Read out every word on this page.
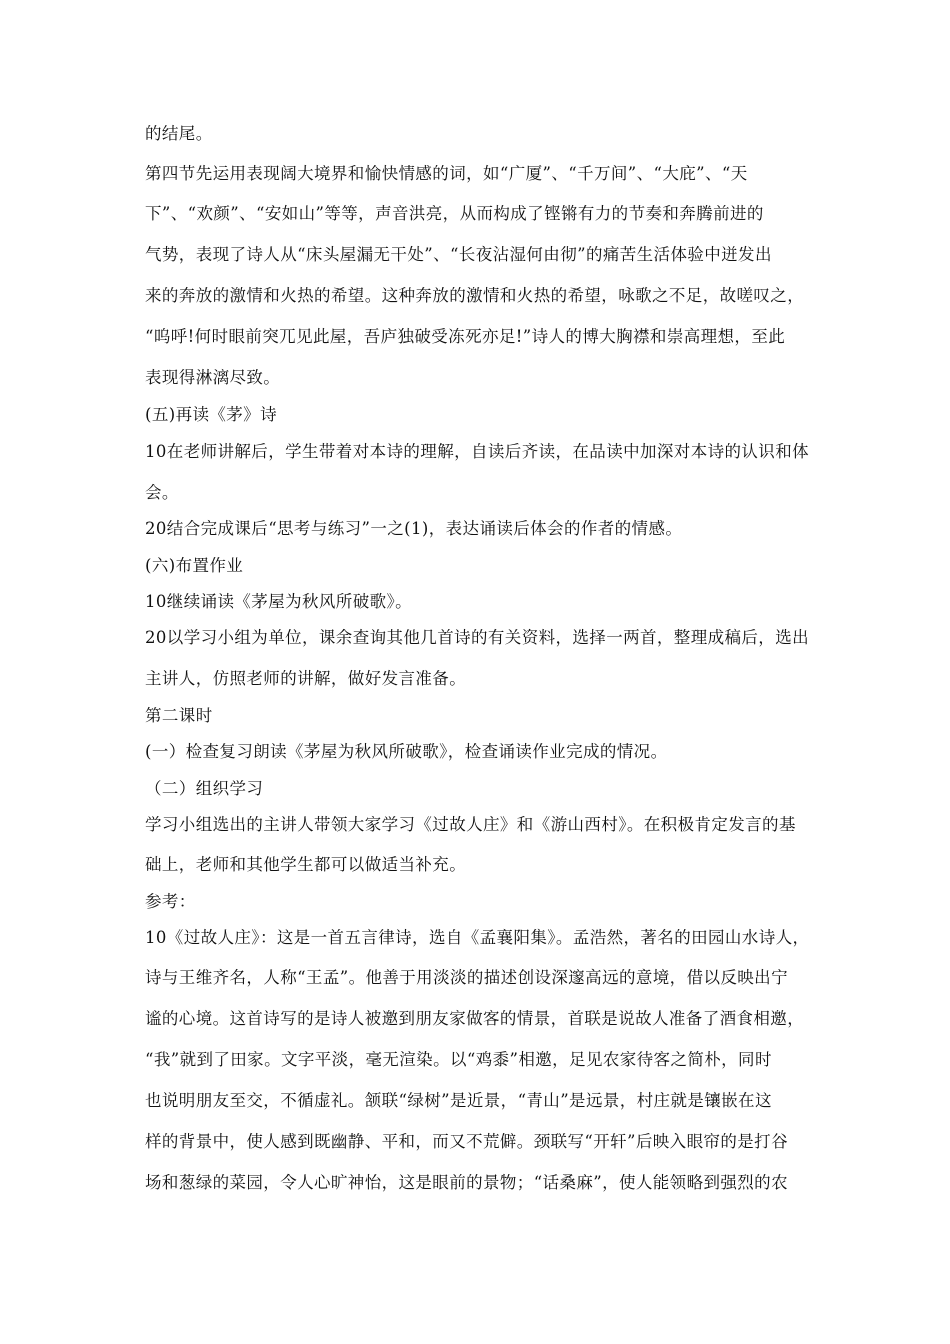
的结尾。
第四节先运用表现阔大境界和愉快情感的词，如“广厦”、“千万间”、“大庇”、“天
下”、“欢颜”、“安如山”等等，声音洪亮，从而构成了铿锵有力的节奏和奔腾前进的
气势，表现了诗人从“床头屋漏无干处”、“长夜沾湿何由彻”的痛苦生活体验中迸发出
来的奔放的激情和火热的希望。这种奔放的激情和火热的希望，咏歌之不足，故嗟叹之，
“呜呼!何时眼前突兀见此屋，吾庐独破受冻死亦足!”诗人的博大胸襟和崇高理想，至此
表现得淋漓尽致。
(五)再读《茅》诗
10在老师讲解后，学生带着对本诗的理解，自读后齐读，在品读中加深对本诗的认识和体
会。
20结合完成课后“思考与练习”一之(1)，表达诵读后体会的作者的情感。
(六)布置作业
10继续诵读《茅屋为秋风所破歌》。
20以学习小组为单位，课余查询其他几首诗的有关资料，选择一两首，整理成稿后，选出
主讲人，仿照老师的讲解，做好发言准备。
第二课时
(一）检查复习朗读《茅屋为秋风所破歌》，检查诵读作业完成的情况。
（二）组织学习
学习小组选出的主讲人带领大家学习《过故人庄》和《游山西村》。在积极肯定发言的基
础上，老师和其他学生都可以做适当补充。
参考：
10《过故人庄》：这是一首五言律诗，选自《孟襄阳集》。孟浩然，著名的田园山水诗人，
诗与王维齐名，人称“王孟”。他善于用淡淡的描述创设深邃高远的意境，借以反映出宁
谧的心境。这首诗写的是诗人被邀到朋友家做客的情景，首联是说故人准备了酒食相邀，
“我”就到了田家。文字平淡，毫无渲染。以“鸡黍”相邀，足见农家待客之简朴，同时
也说明朋友至交，不循虚礼。颔联“绿树”是近景，“青山”是远景，村庄就是镶嵌在这
样的背景中，使人感到既幽静、平和，而又不荒僻。颈联写“开轩”后映入眼帘的是打谷
场和葱绿的菜园，令人心旷神怡，这是眼前的景物；“话桑麻”，使人能领略到强烈的农
